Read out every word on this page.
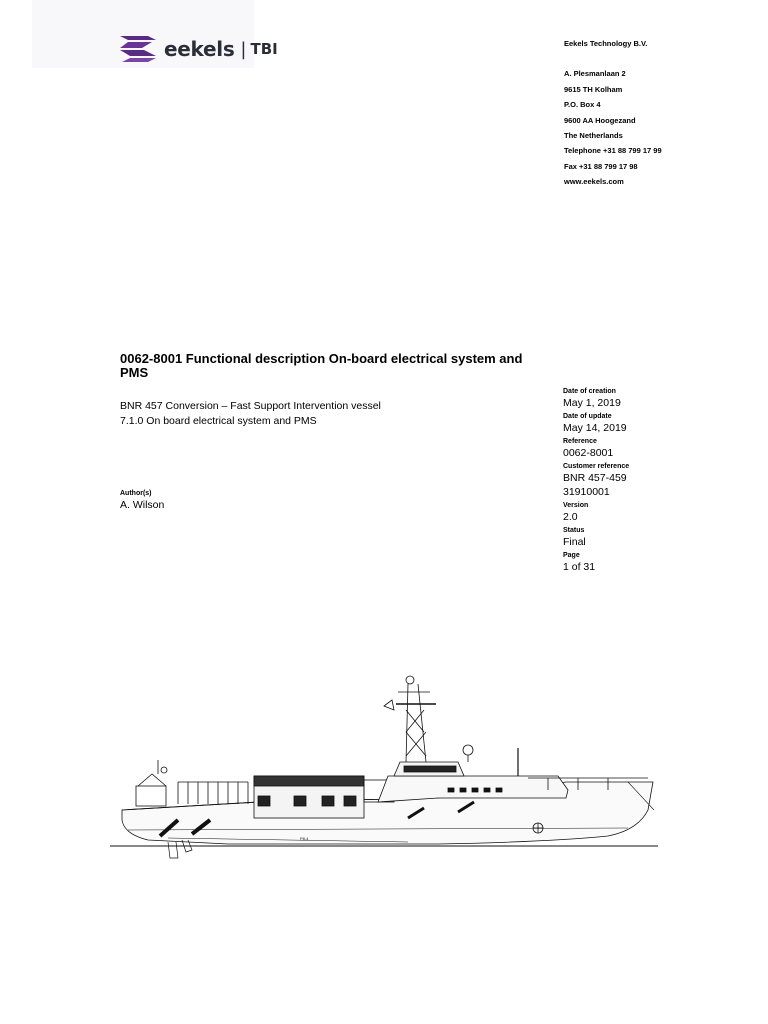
eekels | TBI	Eekels Technology B.V.
A. Plesmanlaan 2
9615 TH Kolham
P.O. Box 4
9600 AA Hoogezand
The Netherlands
Telephone +31 88 799 17 99
Fax +31 88 799 17 98
www.eekels.com
0062-8001 Functional description On-board electrical system and PMS
BNR 457 Conversion – Fast Support Intervention vessel
7.1.0 On board electrical system and PMS
Author(s)
A. Wilson
Date of creation
May 1, 2019
Date of update
May 14, 2019
Reference
0062-8001
Customer reference
BNR 457-459
31910001
Version
2.0
Status
Final
Page
1 of 31
P8-4
